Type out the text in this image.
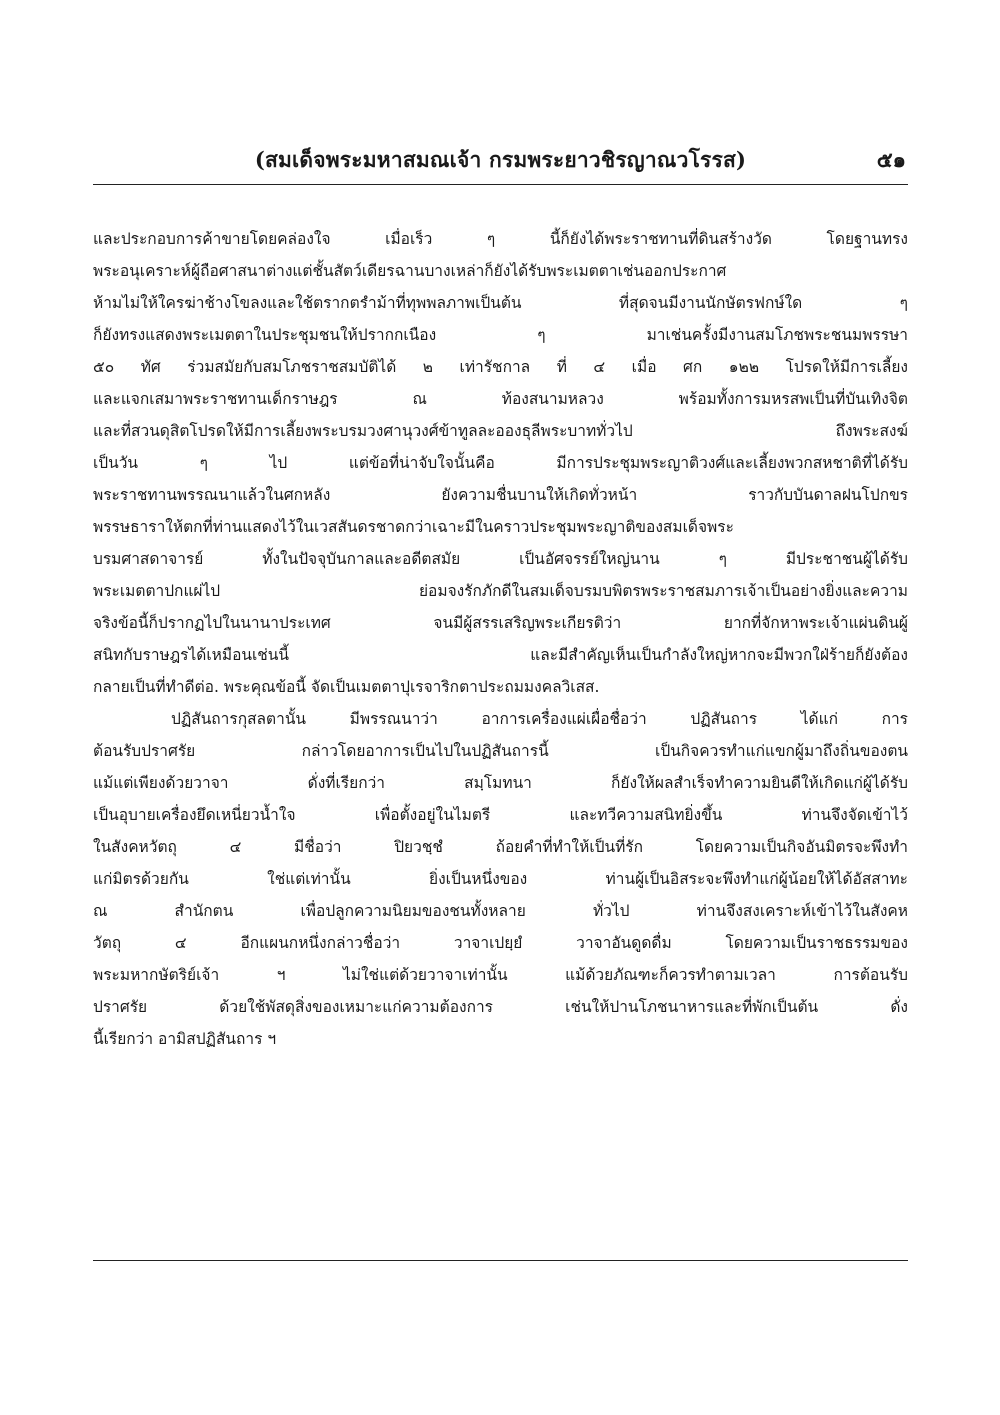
(สมเด็จพระมหาสมณเจ้า กรมพระยาวชิรญาณวโรรส)	๕๑
และประกอบการค้าขายโดยคล่องใจ เมื่อเร็ว ๆ นี้ก็ยังได้พระราชทานที่ดินสร้างวัด โดยฐานทรง
พระอนุเคราะห์ผู้ถือศาสนาต่างแต่ชั้นสัตว์เดียรฉานบางเหล่าก็ยังได้รับพระเมตตาเช่นออกประกาศ
ห้ามไม่ให้ใครฆ่าช้างโขลงและใช้ตรากตรำม้าที่ทุพพลภาพเป็นต้น ที่สุดจนมีงานนักษัตรฟกษ์ใด ๆ
ก็ยังทรงแสดงพระเมตตาในประชุมชนให้ปรากกเนือง ๆ มาเช่นครั้งมีงานสมโภชพระชนมพรรษา
๕๐ ทัศ ร่วมสมัยกับสมโภชราชสมบัติได้ ๒ เท่ารัชกาล ที่ ๔ เมื่อ ศก ๑๒๒ โปรดให้มีการเลี้ยง
และแจกเสมาพระราชทานเด็กราษฎร ณ ท้องสนามหลวง พร้อมทั้งการมหรสพเป็นที่บันเทิงจิต
และที่สวนดุสิตโปรดให้มีการเลี้ยงพระบรมวงศานุวงศ์ข้าทูลละอองธุลีพระบาททั่วไป ถึงพระสงฆ์
เป็นวัน ๆ ไป แต่ข้อที่น่าจับใจนั้นคือ มีการประชุมพระญาติวงศ์และเลี้ยงพวกสหชาติที่ได้รับ
พระราชทานพรรณนาแล้วในศกหลัง ยังความชื่นบานให้เกิดทั่วหน้า ราวกับบันดาลฝนโปกขร
พรรษธาราให้ตกที่ท่านแสดงไว้ในเวสสันดรชาดกว่าเฉาะมีในคราวประชุมพระญาติของสมเด็จพระ
บรมศาสดาจารย์ ทั้งในปัจจุบันกาลและอดีตสมัย เป็นอัศจรรย์ใหญ่นาน ๆ มีประชาชนผู้ได้รับ
พระเมตตาปกแผ่ไป ย่อมจงรักภักดีในสมเด็จบรมบพิตรพระราชสมภารเจ้าเป็นอย่างยิ่งและความ
จริงข้อนี้ก็ปรากฏไปในนานาประเทศ จนมีผู้สรรเสริญพระเกียรติว่า ยากที่จักหาพระเจ้าแผ่นดินผู้
สนิทกับราษฎรได้เหมือนเช่นนี้ และมีสำคัญเห็นเป็นกำลังใหญ่หากจะมีพวกใฝ่ร้ายก็ยังต้อง
กลายเป็นที่ทำดีต่อ. พระคุณข้อนี้ จัดเป็นเมตตาปุเรจาริกตาประถมมงคลวิเสส.
ปฏิสันถารกุสลตานั้น มีพรรณนาว่า อาการเครื่องแผ่เผื่อชื่อว่า ปฏิสันถาร ได้แก่ การ
ต้อนรับปราศรัย กล่าวโดยอาการเป็นไปในปฏิสันถารนี้ เป็นกิจควรทำแก่แขกผู้มาถึงถิ่นของตน
แม้แต่เพียงด้วยวาจา ดั่งที่เรียกว่า สมฺโมทนา ก็ยังให้ผลสำเร็จทำความยินดีให้เกิดแก่ผู้ได้รับ
เป็นอุบายเครื่องยึดเหนี่ยวน้ำใจ เพื่อตั้งอยู่ในไมตรี และทวีความสนิทยิ่งขึ้น ท่านจึงจัดเข้าไว้
ในสังคหวัตถุ ๔ มีชื่อว่า ปิยวชฺชํ ถ้อยคำที่ทำให้เป็นที่รัก โดยความเป็นกิจอันมิตรจะพึงทำ
แก่มิตรด้วยกัน ใช่แต่เท่านั้น ยิ่งเป็นหนึ่งของ ท่านผู้เป็นอิสระจะพึงทำแก่ผู้น้อยให้ได้อัสสาทะ
ณ สำนักตน เพื่อปลูกความนิยมของชนทั้งหลาย ทั่วไป ท่านจึงสงเคราะห์เข้าไว้ในสังคห
วัตถุ ๔ อีกแผนกหนึ่งกล่าวชื่อว่า วาจาเปยฺยํ วาจาอันดูดดื่ม โดยความเป็นราชธรรมของ
พระมหากษัตริย์เจ้า ฯ ไม่ใช่แต่ด้วยวาจาเท่านั้น แม้ด้วยภัณฑะก็ควรทำตามเวลา การต้อนรับ
ปราศรัย ด้วยใช้พัสดุสิ่งของเหมาะแก่ความต้องการ เช่นให้ปานโภชนาหารและที่พักเป็นต้น ดั่ง
นี้เรียกว่า อามิสปฏิสันถาร ฯ
